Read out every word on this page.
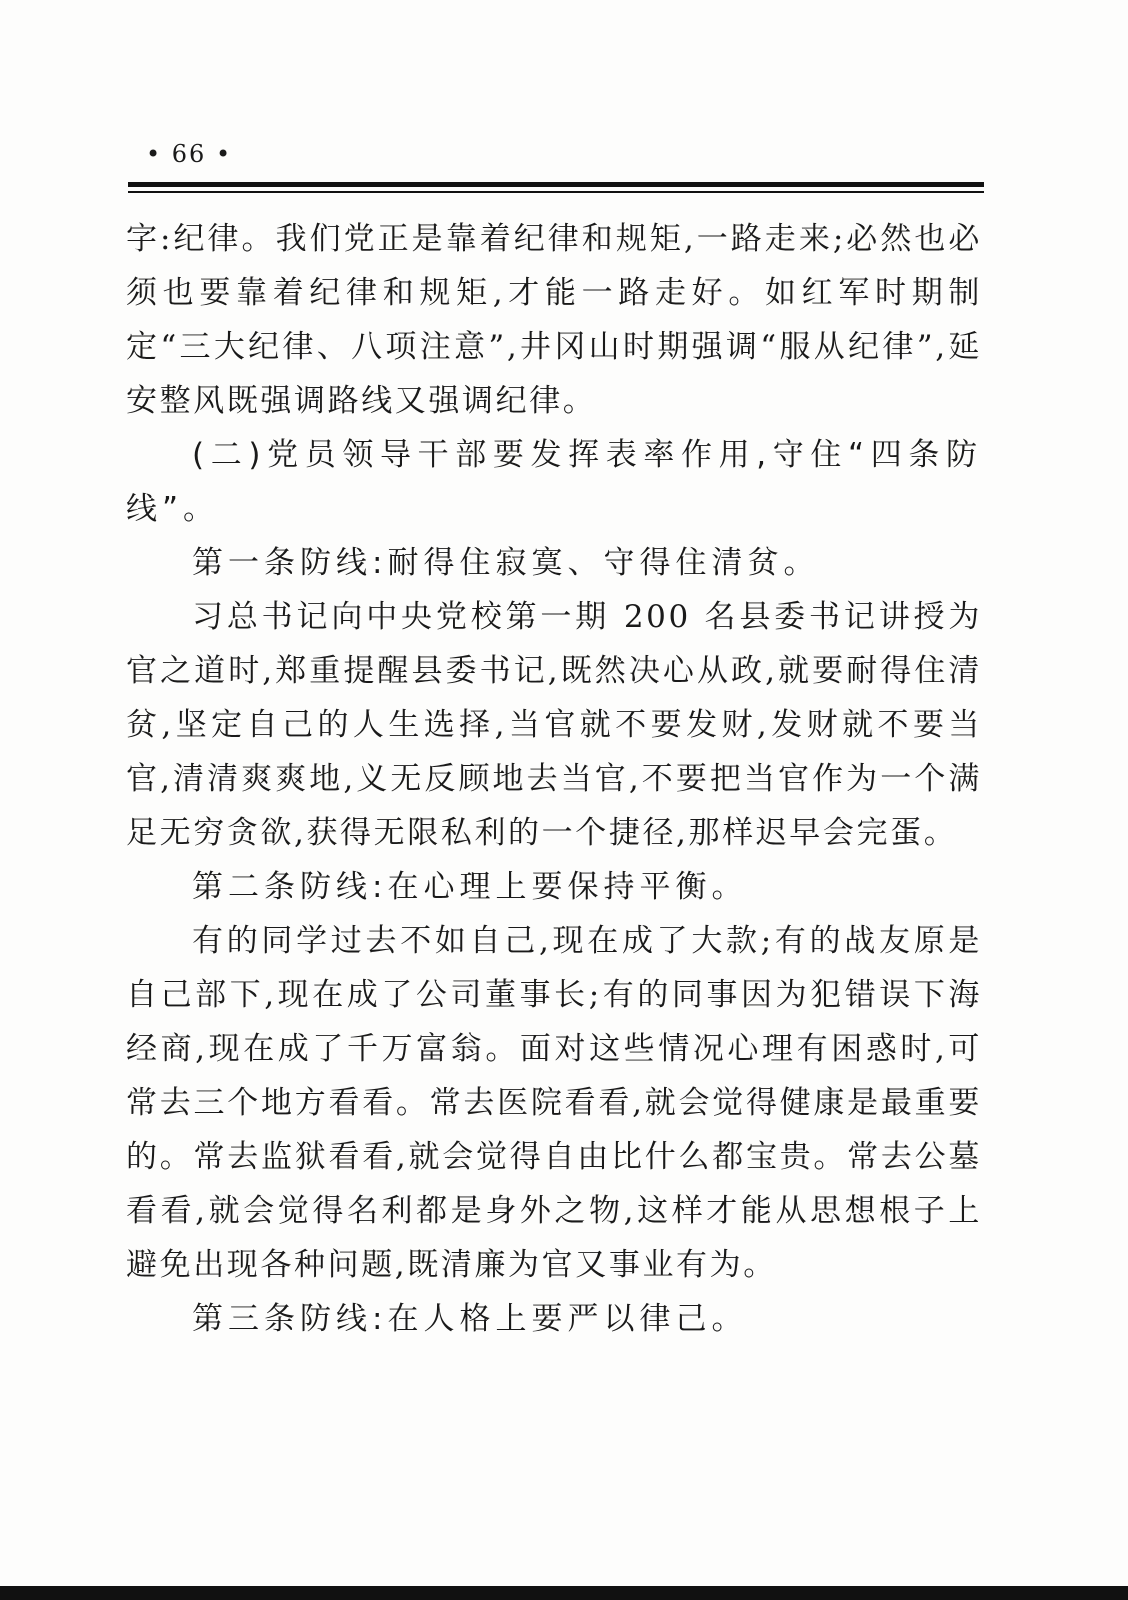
• 66 •

字:纪律。我们党正是靠着纪律和规矩,一路走来;必然也必须也要靠着纪律和规矩,才能一路走好。如红军时期制定“三大纪律、八项注意”,井冈山时期强调“服从纪律”,延安整风既强调路线又强调纪律。

(二)党员领导干部要发挥表率作用,守住“四条防线”。

第一条防线:耐得住寂寞、守得住清贫。

习总书记向中央党校第一期 200 名县委书记讲授为官之道时,郑重提醒县委书记,既然决心从政,就要耐得住清贫,坚定自己的人生选择,当官就不要发财,发财就不要当官,清清爽爽地,义无反顾地去当官,不要把当官作为一个满足无穷贪欲,获得无限私利的一个捷径,那样迟早会完蛋。

第二条防线:在心理上要保持平衡。

有的同学过去不如自己,现在成了大款;有的战友原是自己部下,现在成了公司董事长;有的同事因为犯错误下海经商,现在成了千万富翁。面对这些情况心理有困惑时,可常去三个地方看看。常去医院看看,就会觉得健康是最重要的。常去监狱看看,就会觉得自由比什么都宝贵。常去公墓看看,就会觉得名利都是身外之物,这样才能从思想根子上避免出现各种问题,既清廉为官又事业有为。

第三条防线:在人格上要严以律己。
